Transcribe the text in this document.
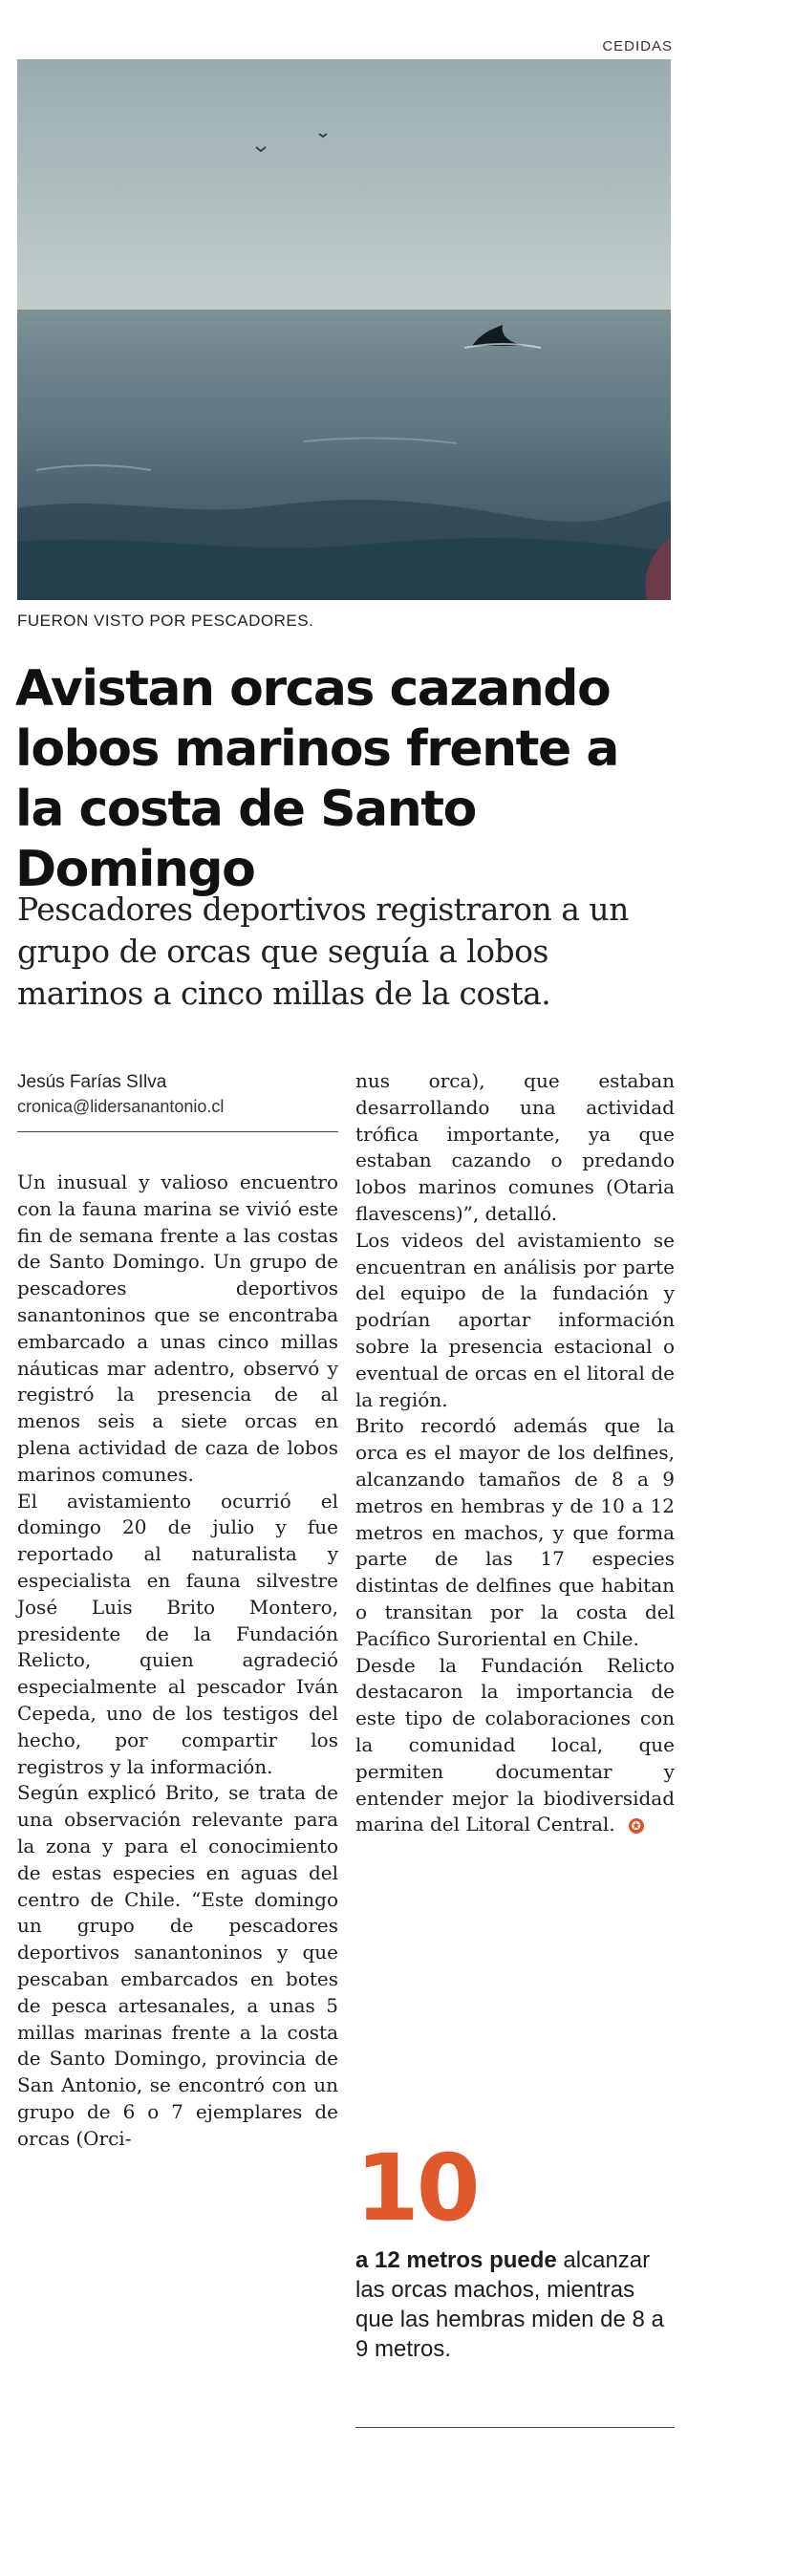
CEDIDAS
FUERON VISTO POR PESCADORES.
Avistan orcas cazando lobos marinos frente a la costa de Santo Domingo

Pescadores deportivos registraron a un grupo de orcas que seguía a lobos marinos a cinco millas de la costa.

Jesús Farías SIlva
cronica@lidersanantonio.cl

Un inusual y valioso encuentro con la fauna marina se vivió este fin de semana frente a las costas de Santo Domingo. Un grupo de pescadores deportivos sanantoninos que se encontraba embarcado a unas cinco millas náuticas mar adentro, observó y registró la presencia de al menos seis a siete orcas en plena actividad de caza de lobos marinos comunes.

El avistamiento ocurrió el domingo 20 de julio y fue reportado al naturalista y especialista en fauna silvestre José Luis Brito Montero, presidente de la Fundación Relicto, quien agradeció especialmente al pescador Iván Cepeda, uno de los testigos del hecho, por compartir los registros y la información.

Según explicó Brito, se trata de una observación relevante para la zona y para el conocimiento de estas especies en aguas del centro de Chile. “Este domingo un grupo de pescadores deportivos sanantoninos y que pescaban embarcados en botes de pesca artesanales, a unas 5 millas marinas frente a la costa de Santo Domingo, provincia de San Antonio, se encontró con un grupo de 6 o 7 ejemplares de orcas (Orci-

nus orca), que estaban desarrollando una actividad trófica importante, ya que estaban cazando o predando lobos marinos comunes (Otaria flavescens)”, detalló.

Los videos del avistamiento se encuentran en análisis por parte del equipo de la fundación y podrían aportar información sobre la presencia estacional o eventual de orcas en el litoral de la región.

Brito recordó además que la orca es el mayor de los delfines, alcanzando tamaños de 8 a 9 metros en hembras y de 10 a 12 metros en machos, y que forma parte de las 17 especies distintas de delfines que habitan o transitan por la costa del Pacífico Suroriental en Chile.

Desde la Fundación Relicto destacaron la importancia de este tipo de colaboraciones con la comunidad local, que permiten documentar y entender mejor la biodiversidad marina del Litoral Central. ✪

10

a 12 metros puede alcanzar las orcas machos, mientras que las hembras miden de 8 a 9 metros.
